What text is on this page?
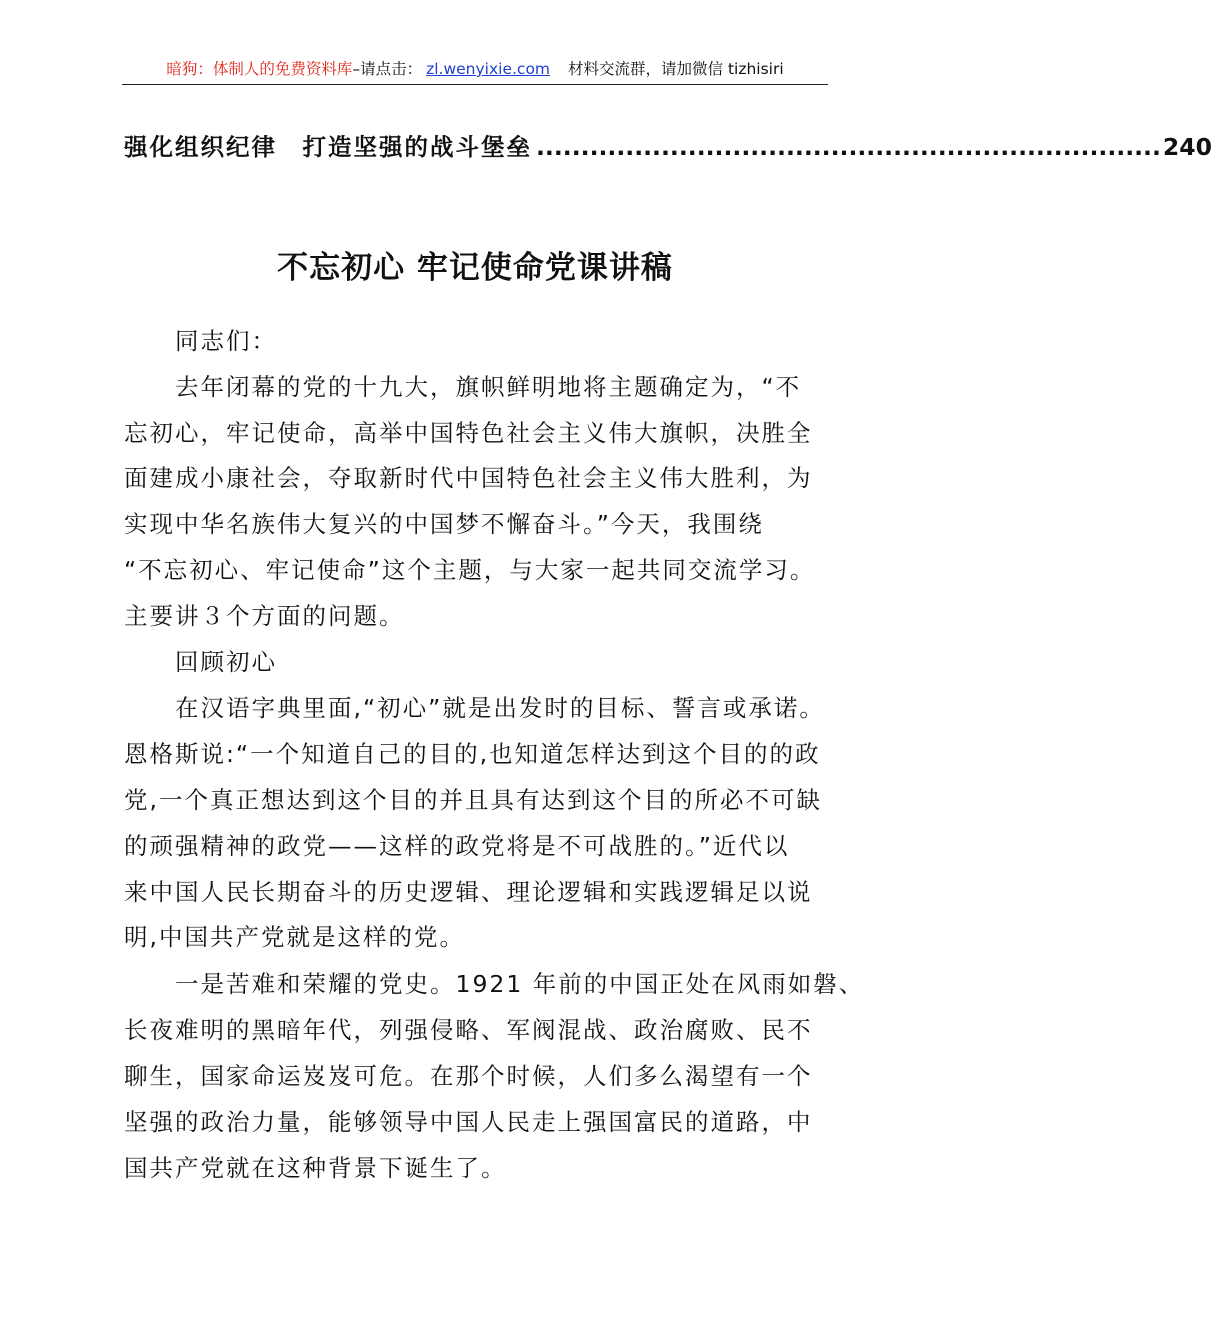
暗狗：体制人的免费资料库–请点击： zl.wenyixie.com 材料交流群，请加微信 tizhisiri
强化组织纪律　打造坚强的战斗堡垒 ...................................................................... 240
不忘初心 牢记使命党课讲稿

　　同志们：

　　去年闭幕的党的十九大，旗帜鲜明地将主题确定为，“不

忘初心，牢记使命，高举中国特色社会主义伟大旗帜，决胜全

面建成小康社会，夺取新时代中国特色社会主义伟大胜利，为

实现中华名族伟大复兴的中国梦不懈奋斗。”今天，我围绕

“不忘初心、牢记使命”这个主题，与大家一起共同交流学习。

主要讲３个方面的问题。

　　回顾初心

　　在汉语字典里面,“初心”就是出发时的目标、誓言或承诺。

恩格斯说:“一个知道自己的目的,也知道怎样达到这个目的的政

党,一个真正想达到这个目的并且具有达到这个目的所必不可缺

的顽强精神的政党——这样的政党将是不可战胜的。”近代以

来中国人民长期奋斗的历史逻辑、理论逻辑和实践逻辑足以说

明,中国共产党就是这样的党。

　　一是苦难和荣耀的党史。1921 年前的中国正处在风雨如磐、

长夜难明的黑暗年代，列强侵略、军阀混战、政治腐败、民不

聊生，国家命运岌岌可危。在那个时候，人们多么渴望有一个

坚强的政治力量，能够领导中国人民走上强国富民的道路，中

国共产党就在这种背景下诞生了。
